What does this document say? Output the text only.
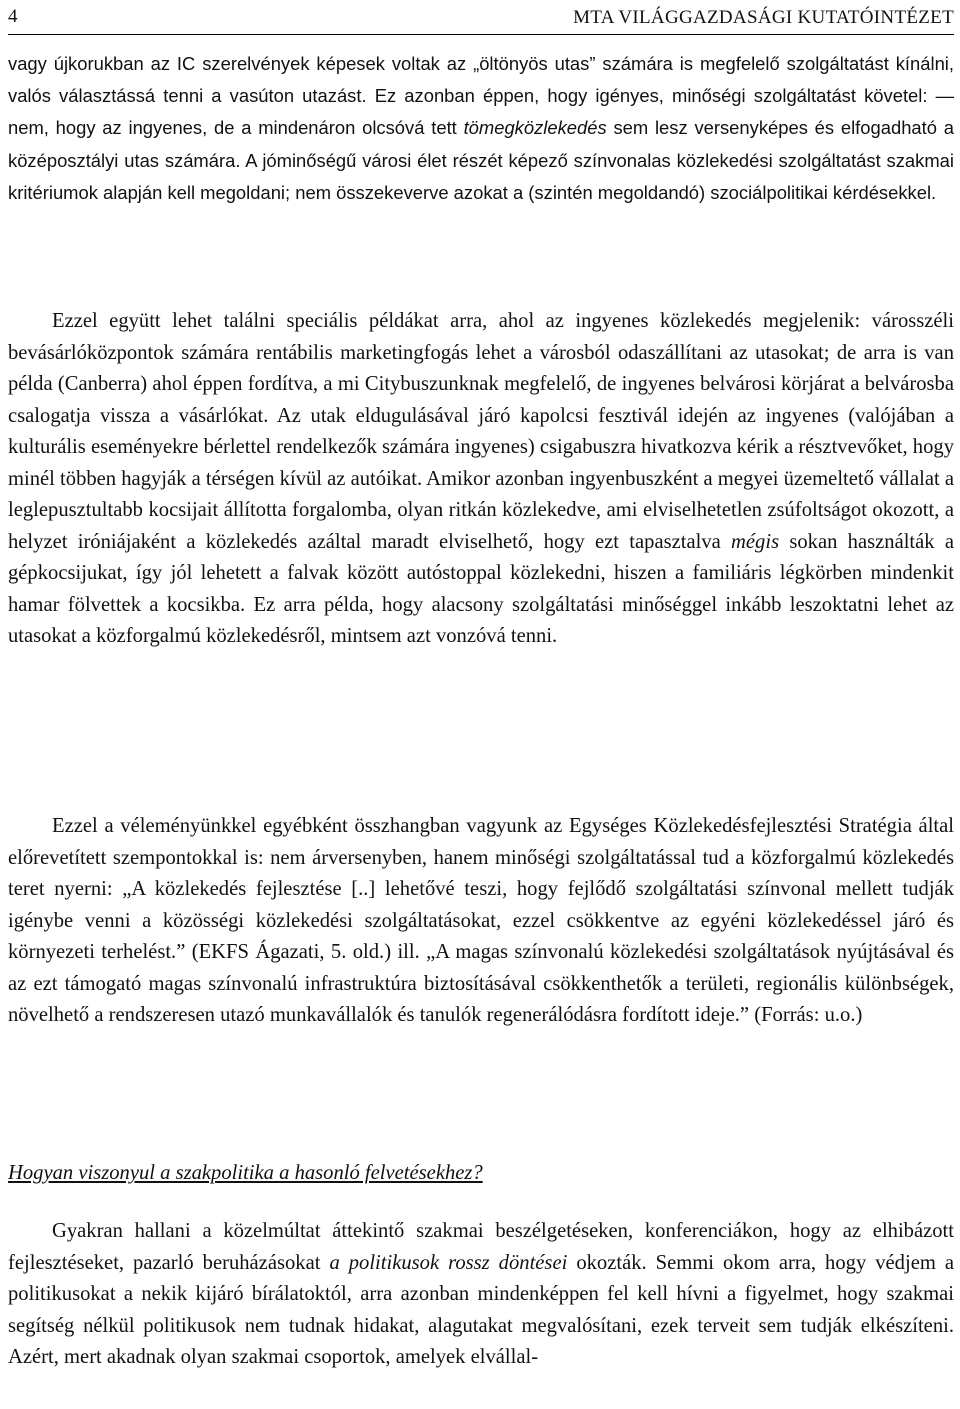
4	MTA VILÁGGAZDASÁGI KUTATÓINTÉZET

vagy újkorukban az IC szerelvények képesek voltak az „öltönyös utas” számára is megfelelő szolgáltatást kínálni, valós választássá tenni a vasúton utazást. Ez azonban éppen, hogy igényes, minőségi szolgáltatást követel: ― nem, hogy az ingyenes, de a mindenáron olcsóvá tett tömegközlekedés sem lesz versenyképes és elfogadható a középosztályi utas számára. A jóminőségű városi élet részét képező színvonalas közlekedési szolgáltatást szakmai kritériumok alapján kell megoldani; nem összekeverve azokat a (szintén megoldandó) szociálpolitikai kérdésekkel.

Ezzel együtt lehet találni speciális példákat arra, ahol az ingyenes közlekedés megjelenik: városszéli bevásárlóközpontok számára rentábilis marketingfogás lehet a városból odaszállítani az utasokat; de arra is van példa (Canberra) ahol éppen fordítva, a mi Citybuszunknak megfelelő, de ingyenes belvárosi körjárat a belvárosba csalogatja vissza a vásárlókat. Az utak eldugulásával járó kapolcsi fesztivál idején az ingyenes (valójában a kulturális eseményekre bérlettel rendelkezők számára ingyenes) csigabuszra hivatkozva kérik a résztvevőket, hogy minél többen hagyják a térségen kívül az autóikat. Amikor azonban ingyenbuszként a megyei üzemeltető vállalat a leglepusztultabb kocsijait állította forgalomba, olyan ritkán közlekedve, ami elviselhetetlen zsúfoltságot okozott, a helyzet iróniájaként a közlekedés azáltal maradt elviselhető, hogy ezt tapasztalva mégis sokan használták a gépkocsijukat, így jól lehetett a falvak között autóstoppal közlekedni, hiszen a familiáris légkörben mindenkit hamar fölvettek a kocsikba. Ez arra példa, hogy alacsony szolgáltatási minőséggel inkább leszoktatni lehet az utasokat a közforgalmú közlekedésről, mintsem azt vonzóvá tenni.

Ezzel a véleményünkkel egyébként összhangban vagyunk az Egységes Közlekedésfejlesztési Stratégia által előrevetített szempontokkal is: nem árversenyben, hanem minőségi szolgáltatással tud a közforgalmú közlekedés teret nyerni: „A közlekedés fejlesztése [..] lehetővé teszi, hogy fejlődő szolgáltatási színvonal mellett tudják igénybe venni a közösségi közlekedési szolgáltatásokat, ezzel csökkentve az egyéni közlekedéssel járó és környezeti terhelést.” (EKFS Ágazati, 5. old.) ill. „A magas színvonalú közlekedési szolgáltatások nyújtásával és az ezt támogató magas színvonalú infrastruktúra biztosításával csökkenthetők a területi, regionális különbségek, növelhető a rendszeresen utazó munkavállalók és tanulók regenerálódásra fordított ideje.” (Forrás: u.o.)

Hogyan viszonyul a szakpolitika a hasonló felvetésekhez?

Gyakran hallani a közelmúltat áttekintő szakmai beszélgetéseken, konferenciákon, hogy az elhibázott fejlesztéseket, pazarló beruházásokat a politikusok rossz döntései okozták. Semmi okom arra, hogy védjem a politikusokat a nekik kijáró bírálatoktól, arra azonban mindenképpen fel kell hívni a figyelmet, hogy szakmai segítség nélkül politikusok nem tudnak hidakat, alagutakat megvalósítani, ezek terveit sem tudják elkészíteni. Azért, mert akadnak olyan szakmai csoportok, amelyek elvállal-
